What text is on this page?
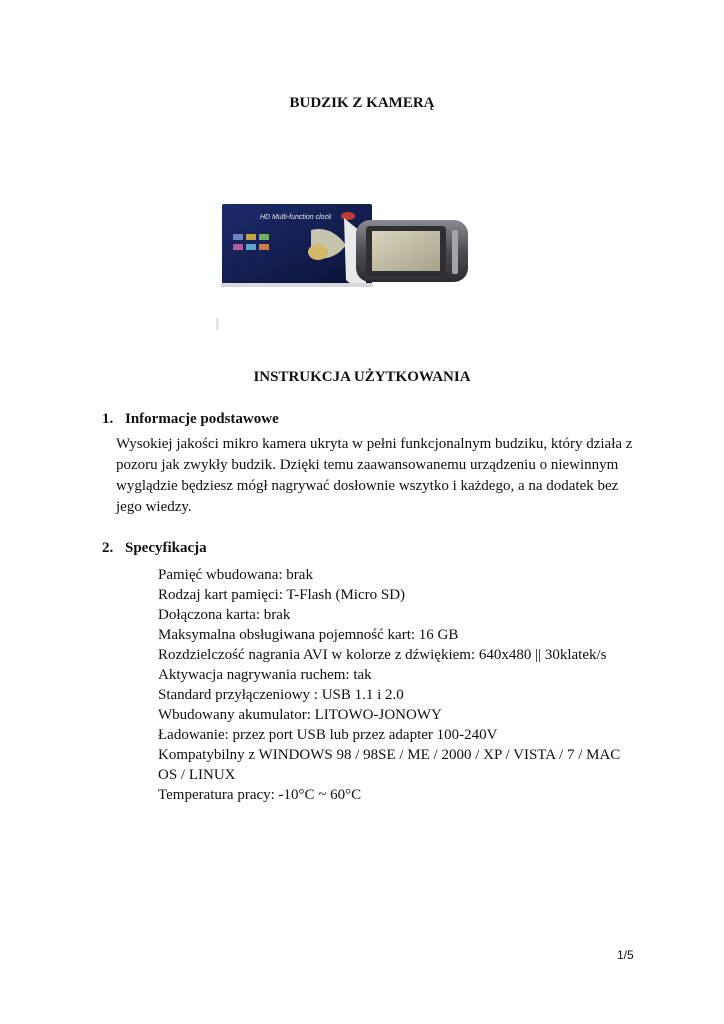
BUDZIK Z KAMERĄ
HD Multi-function clock
INSTRUKCJA UŻYTKOWANIA
1. Informacje podstawowe
Wysokiej jakości mikro kamera ukryta w pełni funkcjonalnym budziku, który działa z pozoru jak zwykły budzik. Dzięki temu zaawansowanemu urządzeniu o niewinnym wyglądzie będziesz mógł nagrywać dosłownie wszytko i każdego, a na dodatek bez jego wiedzy.
2. Specyfikacja
Pamięć wbudowana: brak
Rodzaj kart pamięci: T-Flash (Micro SD)
Dołączona karta: brak
Maksymalna obsługiwana pojemność kart: 16 GB
Rozdzielczość nagrania AVI w kolorze z dźwiękiem: 640x480 || 30klatek/s
Aktywacja nagrywania ruchem: tak
Standard przyłączeniowy : USB 1.1 i 2.0
Wbudowany akumulator: LITOWO-JONOWY
Ładowanie: przez port USB lub przez adapter 100-240V
Kompatybilny z WINDOWS 98 / 98SE / ME / 2000 / XP / VISTA / 7 / MAC OS / LINUX
Temperatura pracy: -10°C ~ 60°C
1/5
